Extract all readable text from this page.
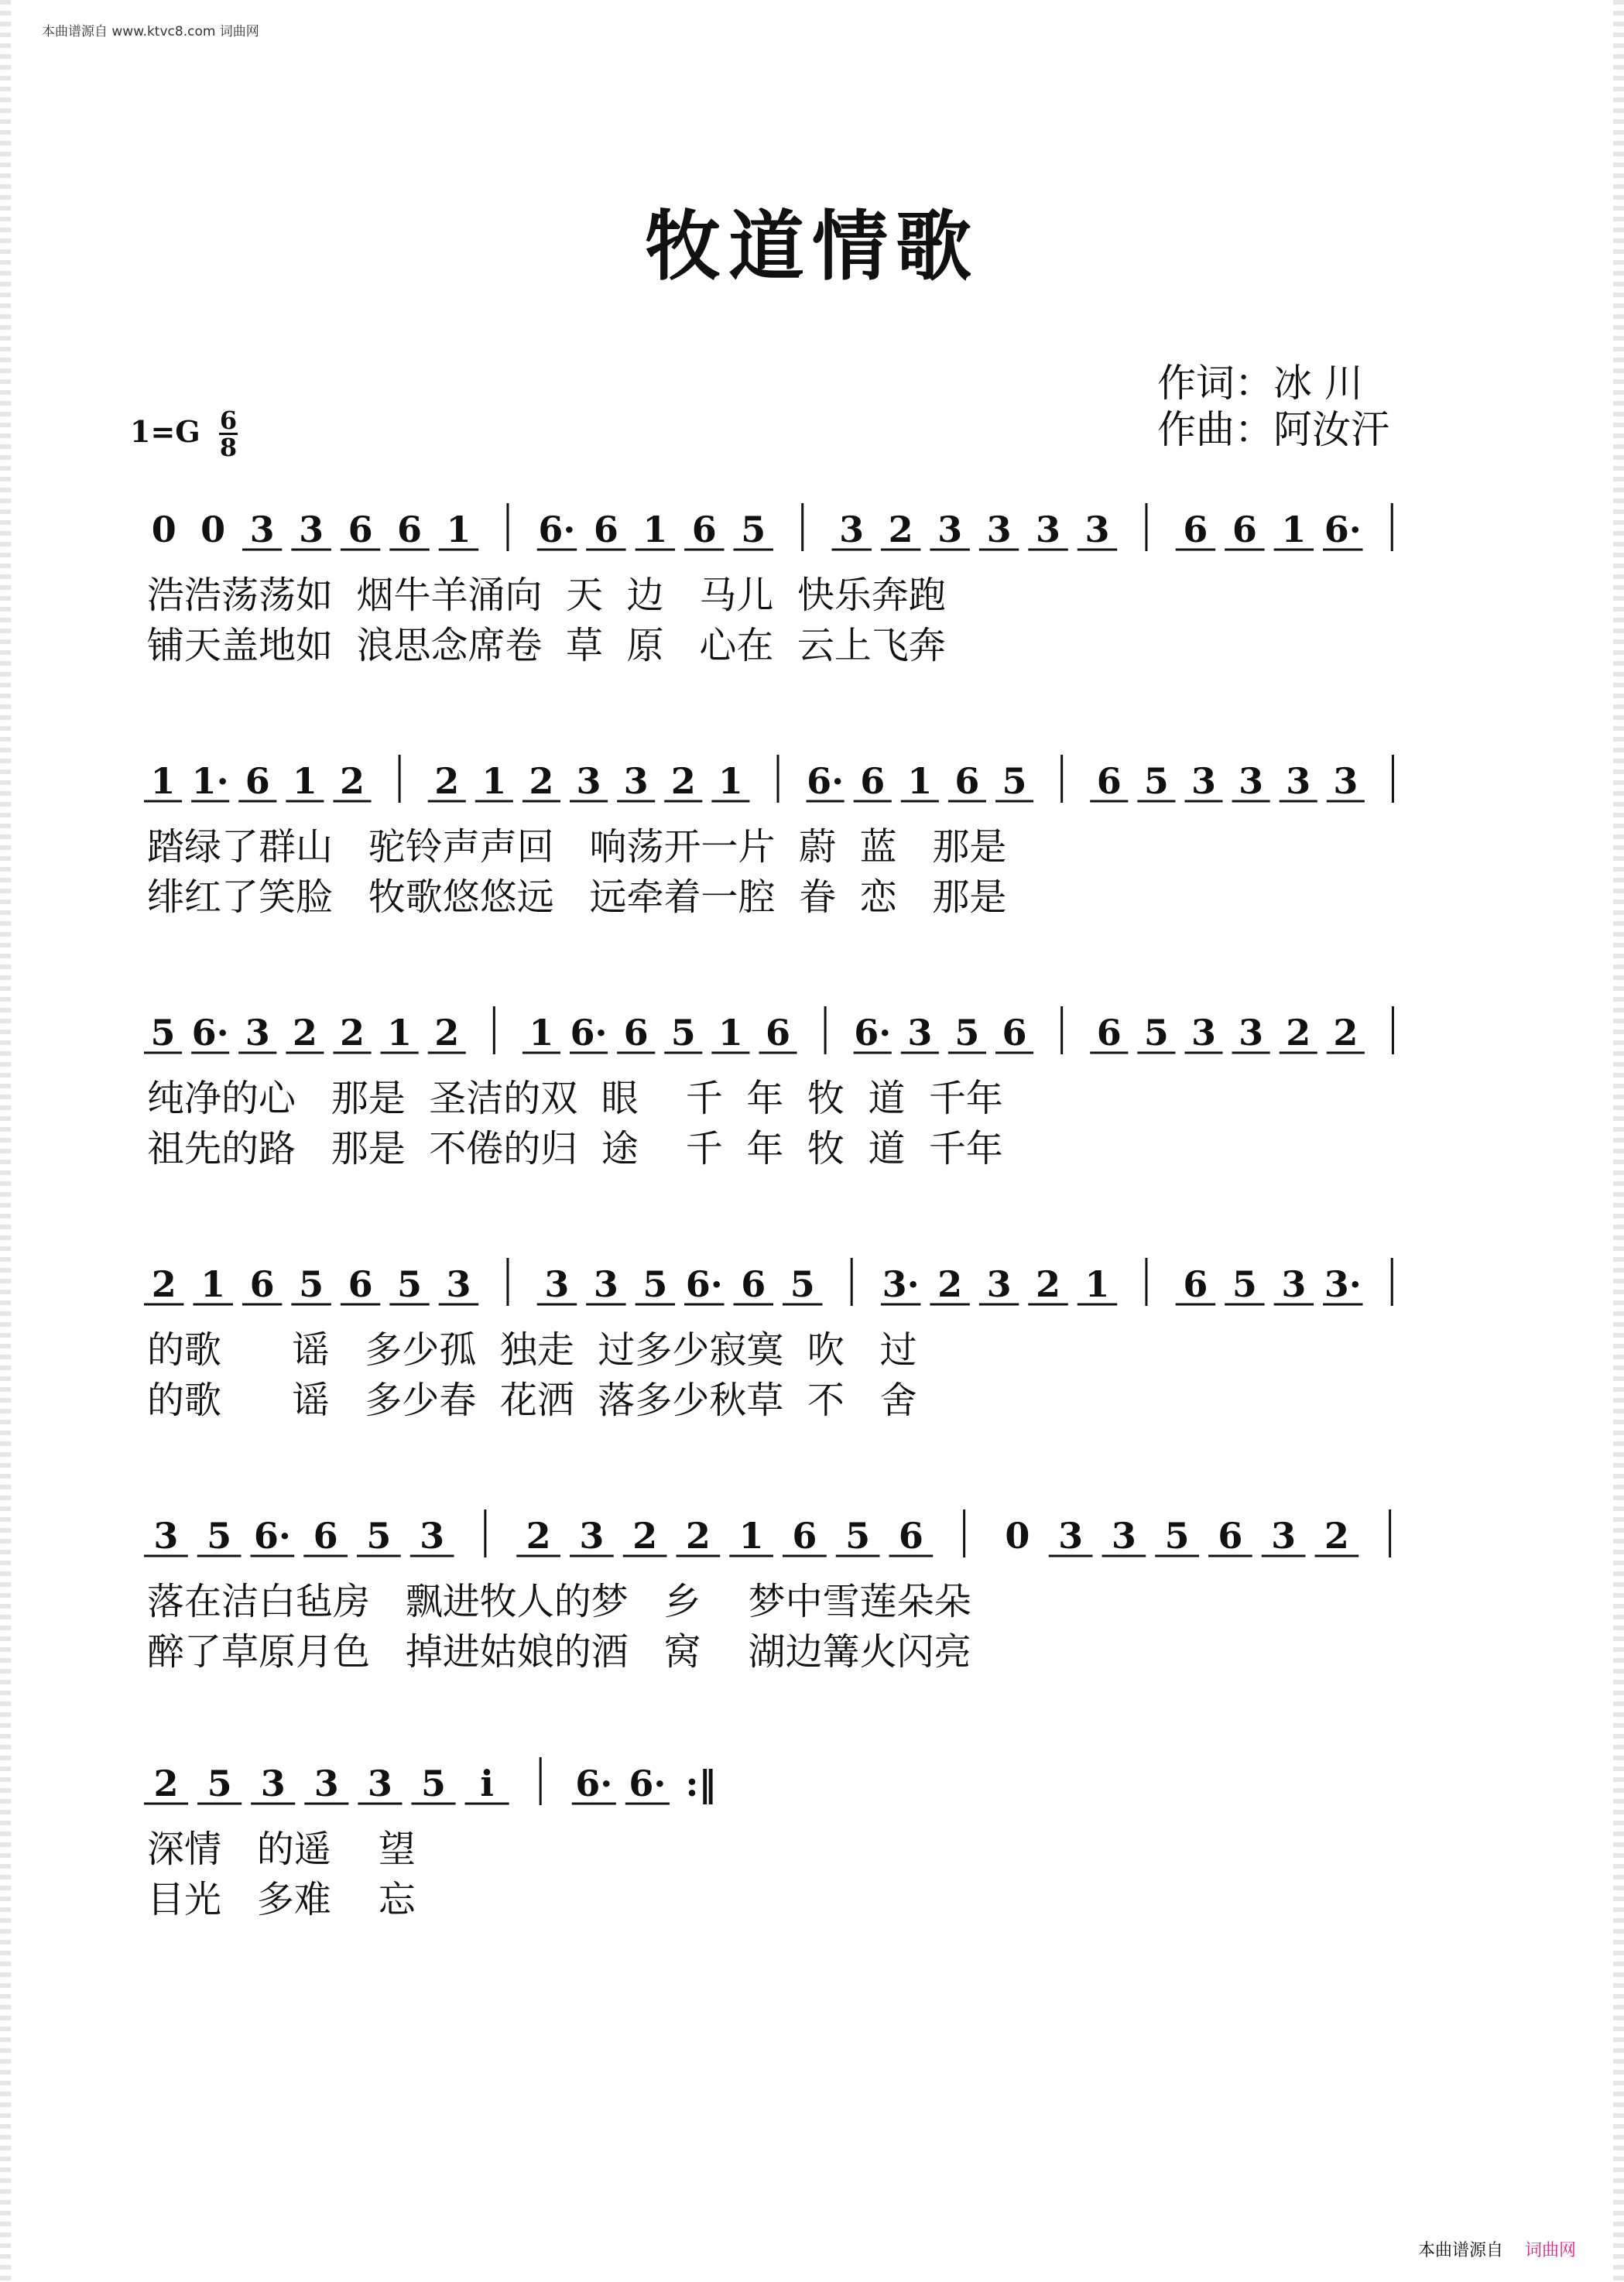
本曲谱源自 www.ktvc8.com 词曲网
牧道情歌
作词：冰 川
作曲：阿汝汗
1=G 6
8
0 0 3 3 6 6 1 6· 6 1 6 5 3 2 3 3 3 3 6 6 1 6·
浩浩荡荡如  烟牛羊涌向  天  边   马儿  快乐奔跑
铺天盖地如  浪思念席卷  草  原   心在  云上飞奔
1 1· 6 1 2 2 1 2 3 3 2 1 6· 6 1 6 5 6 5 3 3 3 3
踏绿了群山   驼铃声声回   响荡开一片  蔚  蓝   那是
绯红了笑脸   牧歌悠悠远   远牵着一腔  眷  恋   那是
5 6· 3 2 2 1 2 1 6· 6 5 1 6 6· 3 5 6 6 5 3 3 2 2
纯净的心   那是  圣洁的双  眼    千  年  牧  道  千年
祖先的路   那是  不倦的归  途    千  年  牧  道  千年
2 1 6 5 6 5 3 3 3 5 6· 6 5 3· 2 3 2 1 6 5 3 3·
的歌      谣   多少孤  独走  过多少寂寞  吹   过
的歌      谣   多少春  花洒  落多少秋草  不   舍
3 5 6· 6 5 3 2 3 2 2 1 6 5 6 0 3 3 5 6 3 2
落在洁白毡房   飘进牧人的梦   乡    梦中雪莲朵朵
醉了草原月色   掉进姑娘的酒   窝    湖边篝火闪亮
2 5 3 3 3 5 i 6· 6· :‖
深情   的遥    望
目光   多难    忘
本曲谱源自 词曲网
